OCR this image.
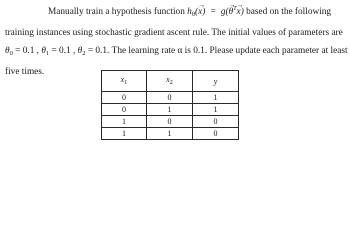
Manually train a hypothesis function $h_\theta(\to x) = g(\to \theta^T\to x)$ based on the following
training instances using stochastic gradient ascent rule. The initial values of parameters are
$\theta_0 = 0.1$ , $\theta_1 = 0.1$ , $\theta_2 = 0.1$. The learning rate α is 0.1. Please update each parameter at least
five times.
$x_1$	$x_2$	y
0	0	1
0	1	1
1	0	0
1	1	0
